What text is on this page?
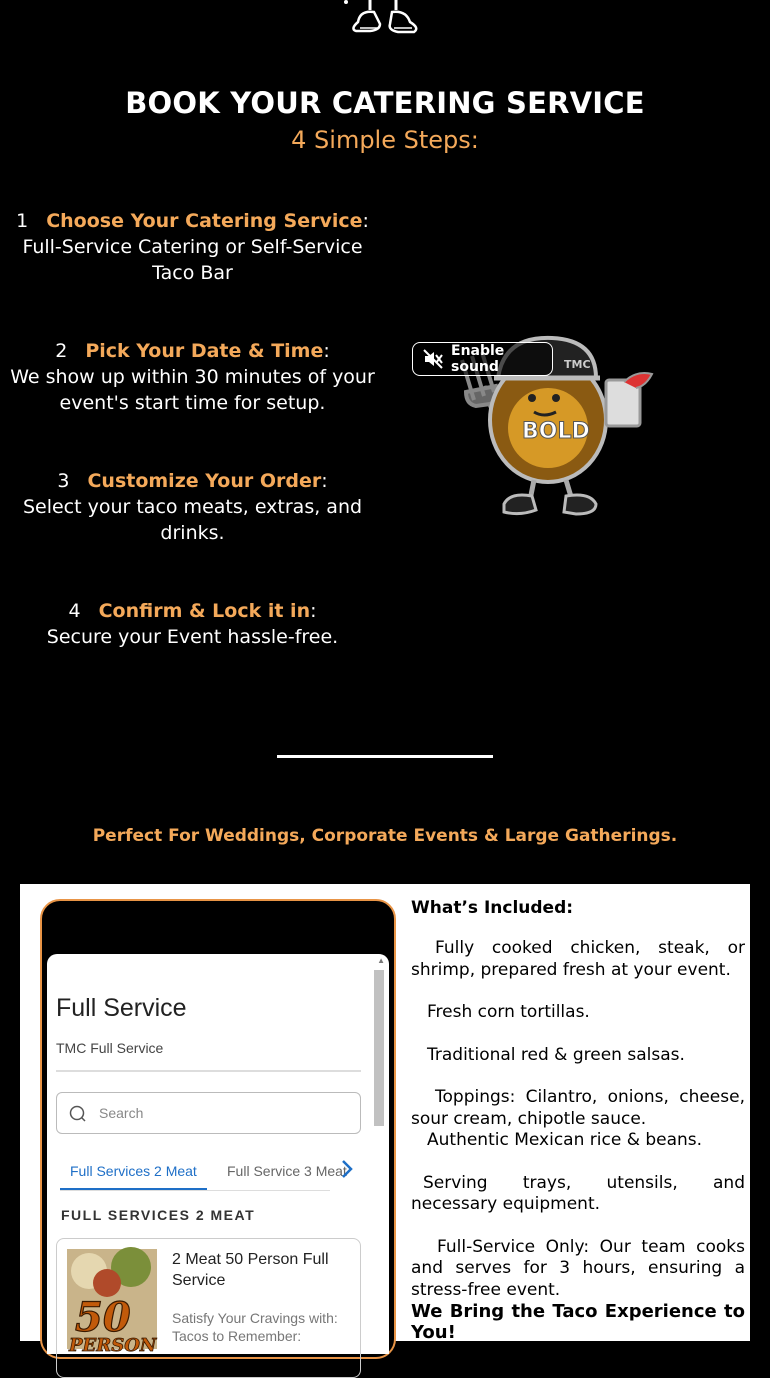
BOOK YOUR CATERING SERVICE
4 Simple Steps:
1 Choose Your Catering Service:
Full-Service Catering or Self-Service Taco Bar
2 Pick Your Date & Time:
We show up within 30 minutes of your event's start time for setup.
3 Customize Your Order:
Select your taco meats, extras, and drinks.
4 Confirm & Lock it in:
Secure your Event hassle-free.
TMC
BOLD
Enable sound
Perfect For Weddings, Corporate Events & Large Gatherings.
▲
Full Service
TMC Full Service
Search
Full Services 2 Meat Full Service 3 Meat
FULL SERVICES 2 MEAT
50
PERSON
2 Meat 50 Person Full Service
Satisfy Your Cravings with: Tacos to Remember:
What’s Included:
Fully cooked chicken, steak, or shrimp, prepared fresh at your event.
Fresh corn tortillas.
Traditional red & green salsas.
Toppings: Cilantro, onions, cheese, sour cream, chipotle sauce.
Authentic Mexican rice & beans.
Serving trays, utensils, and necessary equipment.
Full-Service Only: Our team cooks and serves for 3 hours, ensuring a stress-free event.
We Bring the Taco Experience to You!
